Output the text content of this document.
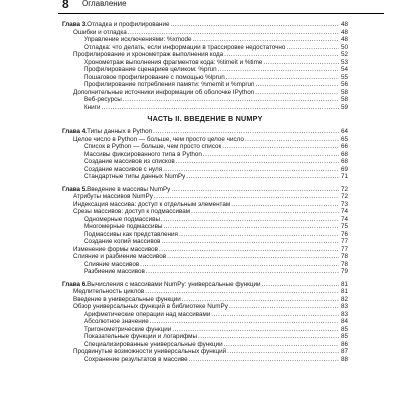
8 Оглавление
Глава 3. Отладка и профилирование .....	48
Ошибки и отладка .....	48
Управление исключениями: %xmode .....	48
Отладка: что делать, если информации в трассировке недостаточно .....	50
Профилирование и хронометраж выполнения кода .....	52
Хронометраж выполнения фрагментов кода: %timeit и %time .....	53
Профилирование сценариев целиком: %prun .....	54
Пошаговое профилирование с помощью %lprun .....	55
Профилирование потребления памяти: %memit и %mprun .....	56
Дополнительные источники информации об оболочке IPython .....	58
Веб-ресурсы .....	58
Книги .....	59
ЧАСТЬ II. ВВЕДЕНИЕ В NUMPY
Глава 4. Типы данных в Python .....	64
Целое число в Python — больше, чем просто целое число .....	65
Список в Python — больше, чем просто список .....	66
Массивы фиксированного типа в Python .....	68
Создание массивов из списков .....	68
Создание массивов с нуля .....	69
Стандартные типы данных NumPy .....	71
Глава 5. Введение в массивы NumPy .....	72
Атрибуты массивов NumPy .....	72
Индексация массива: доступ к отдельным элементам .....	73
Срезы массивов: доступ к подмассивам .....	74
Одномерные подмассивы .....	74
Многомерные подмассивы .....	75
Подмассивы как представления .....	76
Создание копий массивов .....	77
Изменение формы массивов .....	77
Слияние и разбиение массивов .....	78
Слияние массивов .....	78
Разбиение массивов .....	79
Глава 6. Вычисления с массивами NumPy: универсальные функции .....	81
Медлительность циклов .....	81
Введение в универсальные функции .....	82
Обзор универсальных функций в библиотеке NumPy .....	83
Арифметические операции над массивами .....	83
Абсолютное значение .....	84
Тригонометрические функции .....	85
Показательные функции и логарифмы .....	85
Специализированные универсальные функции .....	86
Продвинутые возможности универсальных функций .....	87
Сохранение результатов в массиве .....	88
